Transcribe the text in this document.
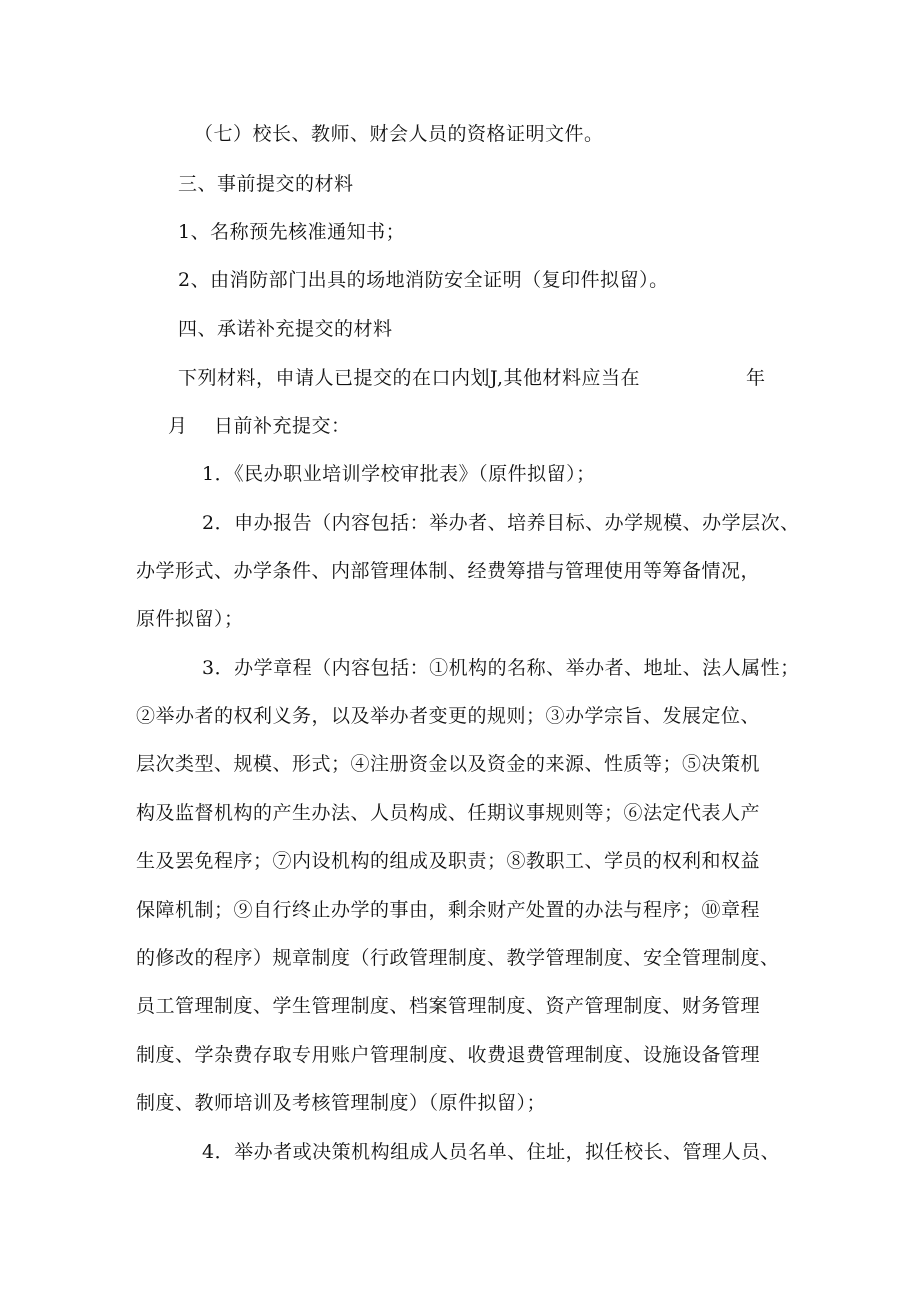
（七）校长、教师、财会人员的资格证明文件。
三、事前提交的材料
1、名称预先核准通知书；
2、由消防部门出具的场地消防安全证明（复印件拟留）。
四、承诺补充提交的材料
下列材料，申请人已提交的在口内划J,其他材料应当在	年
月 日前补充提交：
1．《民办职业培训学校审批表》（原件拟留）；
2．申办报告（内容包括：举办者、培养目标、办学规模、办学层次、
办学形式、办学条件、内部管理体制、经费筹措与管理使用等筹备情况，
原件拟留）；
3．办学章程（内容包括：①机构的名称、举办者、地址、法人属性；
②举办者的权利义务，以及举办者变更的规则；③办学宗旨、发展定位、
层次类型、规模、形式；④注册资金以及资金的来源、性质等；⑤决策机
构及监督机构的产生办法、人员构成、任期议事规则等；⑥法定代表人产
生及罢免程序；⑦内设机构的组成及职责；⑧教职工、学员的权利和权益
保障机制；⑨自行终止办学的事由，剩余财产处置的办法与程序；⑩章程
的修改的程序）规章制度（行政管理制度、教学管理制度、安全管理制度、
员工管理制度、学生管理制度、档案管理制度、资产管理制度、财务管理
制度、学杂费存取专用账户管理制度、收费退费管理制度、设施设备管理
制度、教师培训及考核管理制度）（原件拟留）；
4．举办者或决策机构组成人员名单、住址，拟任校长、管理人员、
